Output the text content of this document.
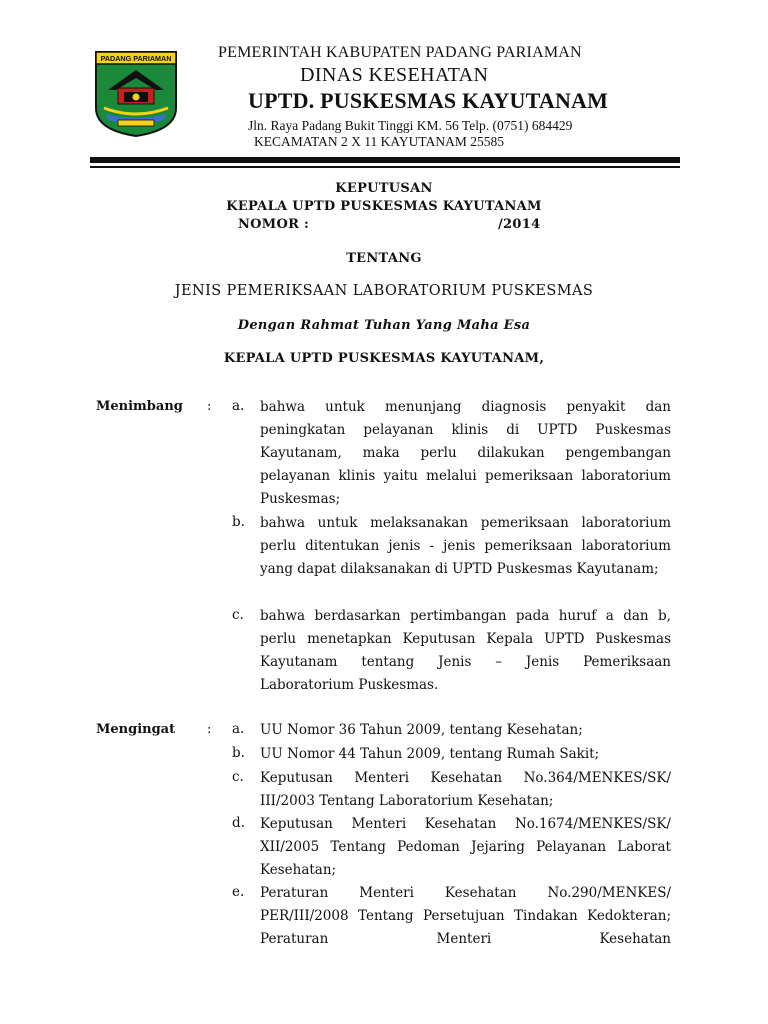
PADANG PARIAMAN	PEMERINTAH KABUPATEN PADANG PARIAMAN
DINAS KESEHATAN
UPTD. PUSKESMAS KAYUTANAM
Jln. Raya Padang Bukit Tinggi KM. 56 Telp. (0751) 684429
KECAMATAN 2 X 11 KAYUTANAM 25585
KEPUTUSAN
KEPALA UPTD PUSKESMAS KAYUTANAM
NOMOR :	/2014
TENTANG
JENIS PEMERIKSAAN LABORATORIUM PUSKESMAS
Dengan Rahmat Tuhan Yang Maha Esa
KEPALA UPTD PUSKESMAS KAYUTANAM,
Menimbang : a. bahwa untuk menunjang diagnosis penyakit dan peningkatan pelayanan klinis di UPTD Puskesmas Kayutanam, maka perlu dilakukan pengembangan pelayanan klinis yaitu melalui pemeriksaan laboratorium Puskesmas;
b. bahwa untuk melaksanakan pemeriksaan laboratorium perlu ditentukan jenis - jenis pemeriksaan laboratorium yang dapat dilaksanakan di UPTD Puskesmas Kayutanam;
c. bahwa berdasarkan pertimbangan pada huruf a dan b, perlu menetapkan Keputusan Kepala UPTD Puskesmas Kayutanam tentang Jenis – Jenis Pemeriksaan Laboratorium Puskesmas.
Mengingat : a. UU Nomor 36 Tahun 2009, tentang Kesehatan;
b. UU Nomor 44 Tahun 2009, tentang Rumah Sakit;
c. Keputusan Menteri Kesehatan No.364/MENKES/SK/ III/2003 Tentang Laboratorium Kesehatan;
d. Keputusan Menteri Kesehatan No.1674/MENKES/SK/ XII/2005 Tentang Pedoman Jejaring Pelayanan Laborat Kesehatan;
e. Peraturan Menteri Kesehatan No.290/MENKES/ PER/III/2008 Tentang Persetujuan Tindakan Kedokteran; Peraturan Menteri Kesehatan
